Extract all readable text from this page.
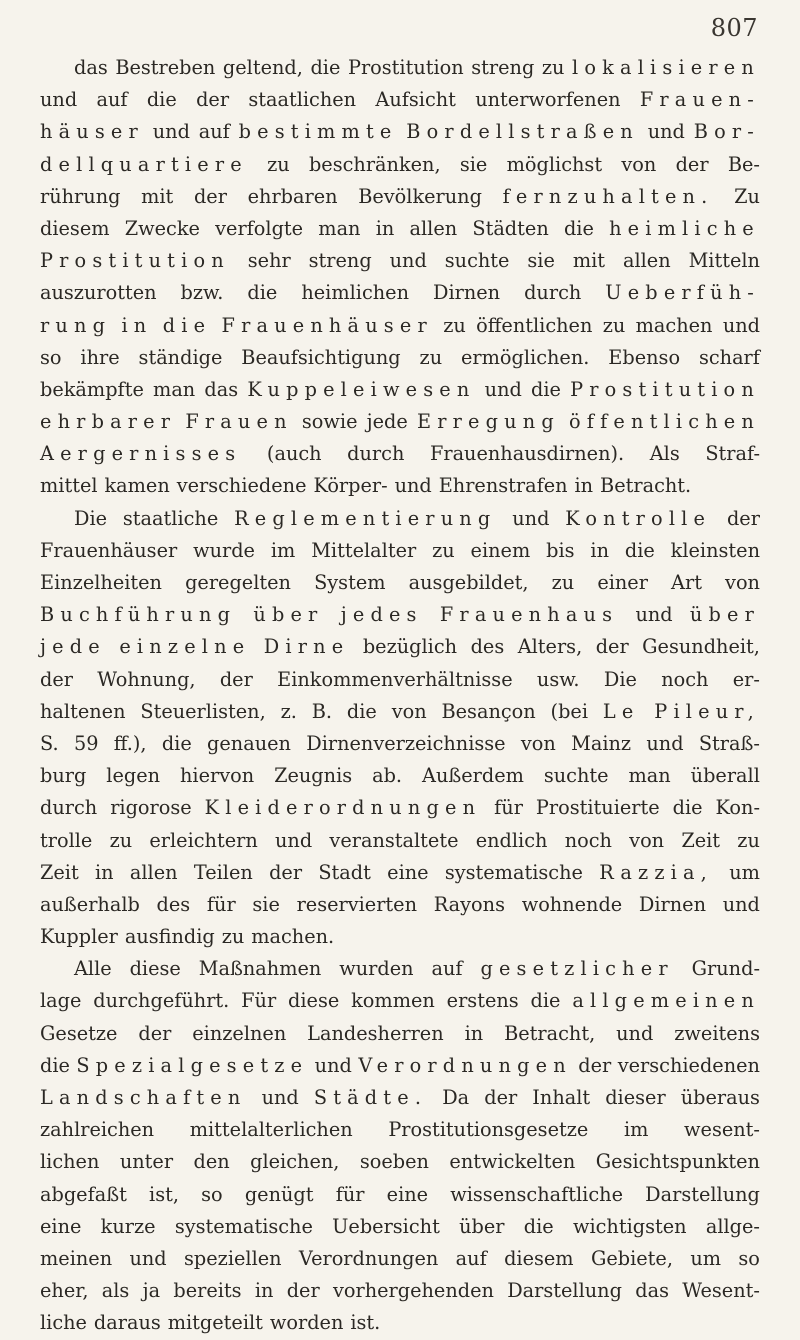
807
das Bestreben geltend, die Prostitution streng zu lokalisieren
und auf die der staatlichen Aufsicht unterworfenen Frauen-
häuser und auf bestimmte Bordellstraßen und Bor-
dellquartiere zu beschränken, sie möglichst von der Be-
rührung mit der ehrbaren Bevölkerung fernzuhalten. Zu
diesem Zwecke verfolgte man in allen Städten die heimliche
Prostitution sehr streng und suchte sie mit allen Mitteln
auszurotten bzw. die heimlichen Dirnen durch Ueberfüh-
rung in die Frauenhäuser zu öffentlichen zu machen und
so ihre ständige Beaufsichtigung zu ermöglichen. Ebenso scharf
bekämpfte man das Kuppeleiwesen und die Prostitution
ehrbarer Frauen sowie jede Erregung öffentlichen
Aergernisses (auch durch Frauenhausdirnen). Als Straf-
mittel kamen verschiedene Körper- und Ehrenstrafen in Betracht.
Die staatliche Reglementierung und Kontrolle der
Frauenhäuser wurde im Mittelalter zu einem bis in die kleinsten
Einzelheiten geregelten System ausgebildet, zu einer Art von
Buchführung über jedes Frauenhaus und über
jede einzelne Dirne bezüglich des Alters, der Gesundheit,
der Wohnung, der Einkommenverhältnisse usw. Die noch er-
haltenen Steuerlisten, z. B. die von Besançon (bei Le Pileur,
S. 59 ff.), die genauen Dirnenverzeichnisse von Mainz und Straß-
burg legen hiervon Zeugnis ab. Außerdem suchte man überall
durch rigorose Kleiderordnungen für Prostituierte die Kon-
trolle zu erleichtern und veranstaltete endlich noch von Zeit zu
Zeit in allen Teilen der Stadt eine systematische Razzia, um
außerhalb des für sie reservierten Rayons wohnende Dirnen und
Kuppler ausfindig zu machen.
Alle diese Maßnahmen wurden auf gesetzlicher Grund-
lage durchgeführt. Für diese kommen erstens die allgemeinen
Gesetze der einzelnen Landesherren in Betracht, und zweitens
die Spezialgesetze und Verordnungen der verschiedenen
Landschaften und Städte. Da der Inhalt dieser überaus
zahlreichen mittelalterlichen Prostitutionsgesetze im wesent-
lichen unter den gleichen, soeben entwickelten Gesichtspunkten
abgefaßt ist, so genügt für eine wissenschaftliche Darstellung
eine kurze systematische Uebersicht über die wichtigsten allge-
meinen und speziellen Verordnungen auf diesem Gebiete, um so
eher, als ja bereits in der vorhergehenden Darstellung das Wesent-
liche daraus mitgeteilt worden ist.
